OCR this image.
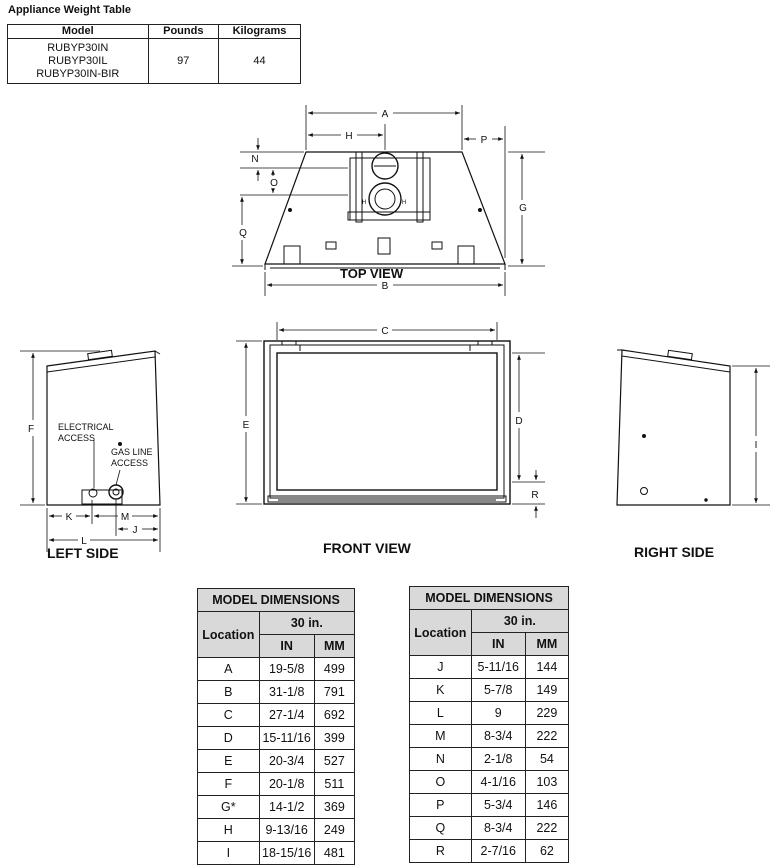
Appliance Weight Table
Model	Pounds	Kilograms

RUBYP30IN
RUBYP30IL
RUBYP30IN-BIR	97	44
H	H
A
H	P
N
O
Q
G
B
C
E	D
R
F
K	M
J
L
ELECTRICAL
ACCESS
GAS LINE
ACCESS
I
TOP VIEW
FRONT VIEW
LEFT SIDE	RIGHT SIDE
MODEL DIMENSIONS		
Location	30 in.	
	IN	MM
A	19-5/8	499
B	31-1/8	791
C	27-1/4	692
D	15-11/16	399
E	20-3/4	527
F	20-1/8	511
G*	14-1/2	369
H	9-13/16	249
I	18-15/16	481
MODEL DIMENSIONS		
Location	30 in.	
	IN	MM
J	5-11/16	144
K	5-7/8	149
L	9	229
M	8-3/4	222
N	2-1/8	54
O	4-1/16	103
P	5-3/4	146
Q	8-3/4	222
R	2-7/16	62
